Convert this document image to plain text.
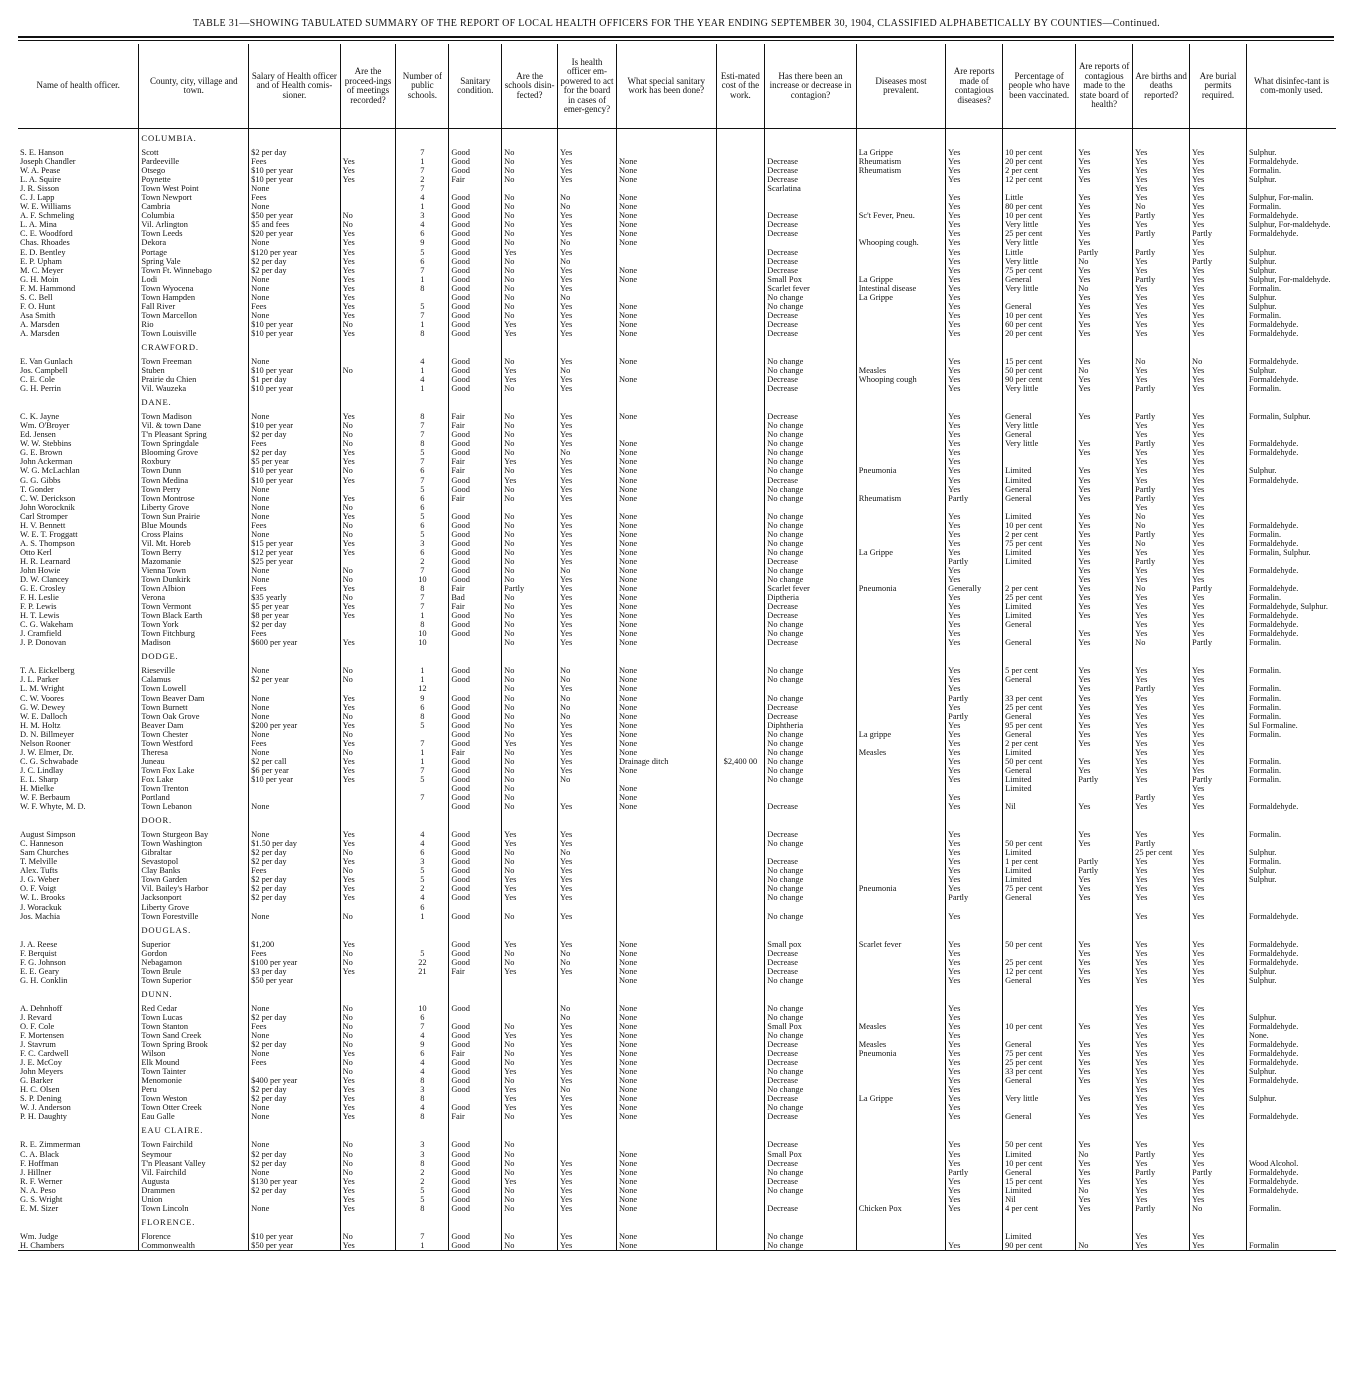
TABLE 31—SHOWING TABULATED SUMMARY OF THE REPORT OF LOCAL HEALTH OFFICERS FOR THE YEAR ENDING SEPTEMBER 30, 1904, CLASSIFIED ALPHABETICALLY BY COUNTIES—Continued.
Name of health officer.	County, city, village and town.	Salary of Health officer and of Health comis-sioner.	Are the proceed-ings of meetings recorded?	Number of public schools.	Sanitary condition.	Are the schools disin-fected?	Is health officer em-powered to act for the board in cases of emer-gency?	What special sanitary work has been done?	Esti-mated cost of the work.	Has there been an increase or decrease in contagion?	Diseases most prevalent.	Are reports made of contagious diseases?	Percentage of people who have been vaccinated.	Are reports of contagious made to the state board of health?	Are births and deaths reported?	Are burial permits required.	What disinfec-tant is com-monly used.
	COLUMBIA.																
S. E. Hanson	Scott	$2 per day		7	Good	No	Yes				La Grippe	Yes	10 per cent	Yes	Yes	Yes	Sulphur.
Joseph Chandler	Pardeeville	Fees	Yes	1	Good	No	Yes	None		Decrease	Rheumatism	Yes	20 per cent	Yes	Yes	Yes	Formaldehyde.
W. A. Pease	Otsego	$10 per year	Yes	7	Good	No	Yes	None		Decrease	Rheumatism	Yes	2 per cent	Yes	Yes	Yes	Formalin.
L. A. Squire	Poynette	$10 per year	Yes	2	Fair	No	Yes	None		Decrease		Yes	12 per cent	Yes	Yes	Yes	Sulphur.
J. R. Sisson	Town West Point	None		7						Scarlatina					Yes	Yes	
C. J. Lapp	Town Newport	Fees		4	Good	No	No	None				Yes	Little	Yes	Yes	Yes	Sulphur, For-malin.
W. E. Williams	Cambria	None		1	Good	No	No	None				Yes	80 per cent	Yes	No	Yes	Formalin.
A. F. Schmeling	Columbia	$50 per year	No	3	Good	No	Yes	None		Decrease	Sc't Fever, Pneu.	Yes	10 per cent	Yes	Partly	Yes	Formaldehyde.
L. A. Mina	Vil. Arlington	$5 and fees	No	4	Good	No	Yes	None		Decrease		Yes	Very little	Yes	Yes	Yes	Sulphur, For-maldehyde.
C. E. Woodford	Town Leeds	$20 per year	Yes	6	Good	No	Yes	None		Decrease		Yes	25 per cent	Yes	Partly	Partly	Formaldehyde.
Chas. Rhoades	Dekora	None	Yes	9	Good	No	No	None			Whooping cough.	Yes	Very little	Yes		Yes	
E. D. Bentley	Portage	$120 per year	Yes	5	Good	Yes	Yes			Decrease		Yes	Little	Partly	Partly	Yes	Sulphur.
E. P. Upham	Spring Vale	$2 per day	Yes	6	Good	No	No			Decrease		Yes	Very little	No	Yes	Partly	Sulphur.
M. C. Meyer	Town Ft. Winnebago	$2 per day	Yes	7	Good	No	Yes	None		Decrease		Yes	75 per cent	Yes	Yes	Yes	Sulphur.
G. H. Moin	Lodi	None	Yes	1	Good	No	Yes	None		Small Pox	La Grippe	Yes	General	Yes	Partly	Yes	Sulphur, For-maldehyde.
F. M. Hammond	Town Wyocena	None	Yes	8	Good	No	Yes			Scarlet fever	Intestinal disease	Yes	Very little	No	Yes	Yes	Formalin.
S. C. Bell	Town Hampden	None	Yes		Good	No	No			No change	La Grippe	Yes		Yes	Yes	Yes	Sulphur.
F. O. Hunt	Fall River	Fees	Yes	5	Good	No	Yes	None		No change		Yes	General	Yes	Yes	Yes	Sulphur.
Asa Smith	Town Marcellon	None	Yes	7	Good	No	Yes	None		Decrease		Yes	10 per cent	Yes	Yes	Yes	Formalin.
A. Marsden	Rio	$10 per year	No	1	Good	Yes	Yes	None		Decrease		Yes	60 per cent	Yes	Yes	Yes	Formaldehyde.
A. Marsden	Town Louisville	$10 per year	Yes	8	Good	Yes	Yes	None		Decrease		Yes	20 per cent	Yes	Yes	Yes	Formaldehyde.
	CRAWFORD.																
E. Van Gunlach	Town Freeman	None		4	Good	No	Yes	None		No change		Yes	15 per cent	Yes	No	No	Formaldehyde.
Jos. Campbell	Stuben	$10 per year	No	1	Good	Yes	No			No change	Measles	Yes	50 per cent	No	Yes	Yes	Sulphur.
C. E. Cole	Prairie du Chien	$1 per day		4	Good	Yes	Yes	None		Decrease	Whooping cough	Yes	90 per cent	Yes	Yes	Yes	Formaldehyde.
G. H. Perrin	Vil. Wauzeka	$10 per year		1	Good	No	Yes			Decrease		Yes	Very little	Yes	Partly	Yes	Formalin.
	DANE.																
C. K. Jayne	Town Madison	None	Yes	8	Fair	No	Yes	None		Decrease		Yes	General	Yes	Partly	Yes	Formalin, Sulphur.
Wm. O'Broyer	Vil. & town Dane	$10 per year	No	7	Fair	No	Yes			No change		Yes	Very little		Yes	Yes	
Ed. Jensen	T'n Pleasant Spring	$2 per day	No	7	Good	No	Yes			No change		Yes	General		Yes	Yes	
W. W. Stebbins	Town Springdale	Fees	No	8	Good	No	Yes	None		No change		Yes	Very little	Yes	Partly	Yes	Formaldehyde.
G. E. Brown	Blooming Grove	$2 per day	Yes	5	Good	No	No	None		No change		Yes		Yes	Yes	Yes	Formaldehyde.
John Ackerman	Roxbury	$5 per year	Yes	7	Fair	Yes	Yes	None		No change		Yes			Yes	Yes	
W. G. McLachlan	Town Dunn	$10 per year	No	6	Fair	No	Yes	None		No change	Pneumonia	Yes	Limited	Yes	Yes	Yes	Sulphur.
G. G. Gibbs	Town Medina	$10 per year	Yes	7	Good	Yes	Yes	None		Decrease		Yes	Limited	Yes	Yes	Yes	Formaldehyde.
T. Gonder	Town Perry	None		5	Good	No	Yes	None		No change		Yes	General	Yes	Partly	Yes	
C. W. Derickson	Town Montrose	None	Yes	6	Fair	No	Yes	None		No change	Rheumatism	Partly	General	Yes	Partly	Yes	
John Worocknik	Liberty Grove	None	No	6											Yes	Yes	
Carl Stromper	Town Sun Prairie	None	Yes	5	Good	No	Yes	None		No change		Yes	Limited	Yes	No	Yes	
H. V. Bennett	Blue Mounds	Fees	No	6	Good	No	Yes	None		No change		Yes	10 per cent	Yes	No	Yes	Formaldehyde.
W. E. T. Froggatt	Cross Plains	None	No	5	Good	No	Yes	None		No change		Yes	2 per cent	Yes	Partly	Yes	Formalin.
A. S. Thompson	Vil. Mt. Horeb	$15 per year	Yes	3	Good	No	Yes	None		No change		Yes	75 per cent	Yes	No	Yes	Formaldehyde.
Otto Kerl	Town Berry	$12 per year	Yes	6	Good	No	Yes	None		No change	La Grippe	Yes	Limited	Yes	Yes	Yes	Formalin, Sulphur.
H. R. Learnard	Mazomanie	$25 per year		2	Good	No	Yes	None		Decrease		Partly	Limited	Yes	Partly	Yes	
John Howie	Vienna Town	None	No	7	Good	No	No	None		No change		Yes		Yes	Yes	Yes	Formaldehyde.
D. W. Clancey	Town Dunkirk	None	No	10	Good	No	Yes	None		No change		Yes		Yes	Yes	Yes	
G. E. Crosley	Town Albion	Fees	Yes	8	Fair	Partly	Yes	None		Scarlet fever	Pneumonia	Generally	2 per cent	Yes	No	Partly	Formaldehyde.
F. H. Leslie	Verona	$35 yearly	No	7	Bad	No	Yes	None		Diptheria		Yes	25 per cent	Yes	Yes	Yes	Formalin.
F. P. Lewis	Town Vermont	$5 per year	Yes	7	Fair	No	Yes	None		Decrease		Yes	Limited	Yes	Yes	Yes	Formaldehyde, Sulphur.
H. T. Lewis	Town Black Earth	$8 per year	Yes	1	Good	No	Yes	None		Decrease		Yes	Limited	Yes	Yes	Yes	Formaldehyde.
C. G. Wakeham	Town York	$2 per day		8	Good	No	Yes	None		No change		Yes	General		Yes	Yes	Formaldehyde.
J. Cramfield	Town Fitchburg	Fees		10	Good	No	Yes	None		No change		Yes		Yes	Yes	Yes	Formaldehyde.
J. P. Donovan	Madison	$600 per year	Yes	10		No	Yes	None		Decrease		Yes	General	Yes	No	Partly	Formalin.
	DODGE.																
T. A. Eickelberg	Rieseville	None	No	1	Good	No	No	None		No change		Yes	5 per cent	Yes	Yes	Yes	Formalin.
J. L. Parker	Calamus	$2 per year	No	1	Good	No	No	None		No change		Yes	General	Yes	Yes	Yes	
L. M. Wright	Town Lowell			12		No	Yes	None				Yes		Yes	Partly	Yes	Formalin.
C. W. Voores	Town Beaver Dam	None	Yes	9	Good	No	No	None		No change		Partly	33 per cent	Yes	Yes	Yes	Formalin.
G. W. Dewey	Town Burnett	None	Yes	6	Good	No	No	None		Decrease		Yes	25 per cent	Yes	Yes	Yes	Formalin.
W. E. Dalloch	Town Oak Grove	None	No	8	Good	No	No	None		Decrease		Partly	General	Yes	Yes	Yes	Formalin.
H. M. Holtz	Beaver Dam	$200 per year	Yes	5	Good	No	Yes	None		Diphtheria		Yes	95 per cent	Yes	Yes	Yes	Sul Formaline.
D. N. Billmeyer	Town Chester	None	No		Good	No	Yes	None		No change	La grippe	Yes	General	Yes	Yes	Yes	Formalin.
Nelson Rooner	Town Westford	Fees	Yes	7	Good	Yes	Yes	None		No change		Yes	2 per cent	Yes	Yes	Yes	
J. W. Elmer, Dr.	Theresa	None	No	1	Fair	No	Yes	None		No change	Measles	Yes	Limited		Yes	Yes	
C. G. Schwabade	Juneau	$2 per call	Yes	1	Good	No	Yes	Drainage ditch	$2,400 00	No change		Yes	50 per cent	Yes	Yes	Yes	Formalin.
J. C. Lindlay	Town Fox Lake	$6 per year	Yes	7	Good	No	Yes	None		No change		Yes	General	Yes	Yes	Yes	Formalin.
E. L. Sharp	Fox Lake	$10 per year	Yes	5	Good	No	No			No change		Yes	Limited	Partly	Yes	Partly	Formalin.
H. Mielke	Town Trenton				Good	No		None					Limited			Yes	
W. F. Berbaum	Portland			7	Good	No		None				Yes			Partly	Yes	
W. F. Whyte, M. D.	Town Lebanon	None			Good	No	Yes	None		Decrease		Yes	Nil	Yes	Yes	Yes	Formaldehyde.
	DOOR.																
August Simpson	Town Sturgeon Bay	None	Yes	4	Good	Yes	Yes			Decrease		Yes		Yes	Yes	Yes	Formalin.
C. Hanneson	Town Washington	$1.50 per day	Yes	4	Good	Yes	Yes			No change		Yes	50 per cent	Yes	Partly		
Sam Churches	Gibraltar	$2 per day	No	6	Good	No	No					Yes	Limited		25 per cent	Yes	Sulphur.
T. Melville	Sevastopol	$2 per day	Yes	3	Good	No	Yes			Decrease		Yes	1 per cent	Partly	Yes	Yes	Formalin.
Alex. Tufts	Clay Banks	Fees	No	5	Good	No	Yes			No change		Yes	Limited	Partly	Yes	Yes	Sulphur.
J. G. Weber	Town Garden	$2 per day	Yes	5	Good	Yes	Yes			No change		Yes	Limited	Yes	Yes	Yes	Sulphur.
O. F. Voigt	Vil. Bailey's Harbor	$2 per day	Yes	2	Good	Yes	Yes			No change	Pneumonia	Yes	75 per cent	Yes	Yes	Yes	
W. L. Brooks	Jacksonport	$2 per day	Yes	4	Good	Yes	Yes			No change		Partly	General	Yes	Yes	Yes	
J. Worackuk	Liberty Grove			6													
Jos. Machia	Town Forestville	None	No	1	Good	No	Yes			No change		Yes			Yes	Yes	Formaldehyde.
	DOUGLAS.																
J. A. Reese	Superior	$1,200	Yes		Good	Yes	Yes	None		Small pox	Scarlet fever	Yes	50 per cent	Yes	Yes	Yes	Formaldehyde.
F. Berquist	Gordon	Fees	No	5	Good	No	No	None		Decrease		Yes		Yes	Yes	Yes	Formaldehyde.
F. G. Johnson	Nebagamon	$100 per year	No	22	Good	No	No	None		Decrease		Yes	25 per cent	Yes	Yes	Yes	Formaldehyde.
E. E. Geary	Town Brule	$3 per day	Yes	21	Fair	Yes	Yes	None		Decrease		Yes	12 per cent	Yes	Yes	Yes	Sulphur.
G. H. Conklin	Town Superior	$50 per year						None		No change		Yes	General	Yes	Yes	Yes	Sulphur.
	DUNN.																
A. Dehnhoff	Red Cedar	None	No	10	Good		No	None		No change		Yes			Yes	Yes	
J. Revard	Town Lucas	$2 per day	No	6			No	None		No change		Yes			Yes	Yes	Sulphur.
O. F. Cole	Town Stanton	Fees	No	7	Good	No	Yes	None		Small Pox	Measles	Yes	10 per cent	Yes	Yes	Yes	Formaldehyde.
F. Mortensen	Town Sand Creek	None	No	4	Good	Yes	Yes	None		No change		Yes			Yes	Yes	None.
J. Stavrum	Town Spring Brook	$2 per day	No	9	Good	No	Yes	None		Decrease	Measles	Yes	General	Yes	Yes	Yes	Formaldehyde.
F. C. Cardwell	Wilson	None	Yes	6	Fair	No	Yes	None		Decrease	Pneumonia	Yes	75 per cent	Yes	Yes	Yes	Formaldehyde.
J. E. McCoy	Elk Mound	Fees	No	4	Good	No	Yes	None		Decrease		Yes	25 per cent	Yes	Yes	Yes	Formaldehyde.
John Meyers	Town Tainter		No	4	Good	Yes	Yes	None		No change		Yes	33 per cent	Yes	Yes	Yes	Sulphur.
G. Barker	Menomonie	$400 per year	Yes	8	Good	No	Yes	None		Decrease		Yes	General	Yes	Yes	Yes	Formaldehyde.
H. C. Olsen	Peru	$2 per day	Yes	3	Good	Yes	No	None		No change		Yes			Yes	Yes	
S. P. Dening	Town Weston	$2 per day	Yes	8		Yes	Yes	None		Decrease	La Grippe	Yes	Very little	Yes	Yes	Yes	Sulphur.
W. J. Anderson	Town Otter Creek	None	Yes	4	Good	Yes	Yes	None		No change		Yes			Yes	Yes	
P. H. Daughty	Eau Galle	None	Yes	8	Fair	No	Yes	None		Decrease		Yes	General	Yes	Yes	Yes	Formaldehyde.
	EAU CLAIRE.																
R. E. Zimmerman	Town Fairchild	None	No	3	Good	No				Decrease		Yes	50 per cent	Yes	Yes	Yes	
C. A. Black	Seymour	$2 per day	No	3	Good	No		None		Small Pox		Yes	Limited	No	Partly	Yes	
F. Hoffman	T'n Pleasant Valley	$2 per day	No	8	Good	No	Yes	None		Decrease		Yes	10 per cent	Yes	Yes	Yes	Wood Alcohol.
J. Hillner	Vil. Fairchild	None	No	2	Good	No	Yes	None		No change		Partly	General	Yes	Partly	Partly	Formaldehyde.
R. F. Werner	Augusta	$130 per year	Yes	2	Good	Yes	Yes	None		Decrease		Yes	15 per cent	Yes	Yes	Yes	Formaldehyde.
N. A. Peso	Drammen	$2 per day	Yes	5	Good	No	Yes	None		No change		Yes	Limited	No	Yes	Yes	Formaldehyde.
G. S. Wright	Union		Yes	5	Good	No	Yes	None				Yes	Nil	Yes	Yes	Yes	
E. M. Sizer	Town Lincoln	None	Yes	8	Good	No	Yes	None		Decrease	Chicken Pox	Yes	4 per cent	Yes	Partly	No	Formalin.
	FLORENCE.																
Wm. Judge	Florence	$10 per year	No	7	Good	No	Yes	None		No change			Limited		Yes	Yes	
H. Chambers	Commonwealth	$50 per year	Yes	1	Good	No	Yes	None		No change		Yes	90 per cent	No	Yes	Yes	Formalin
